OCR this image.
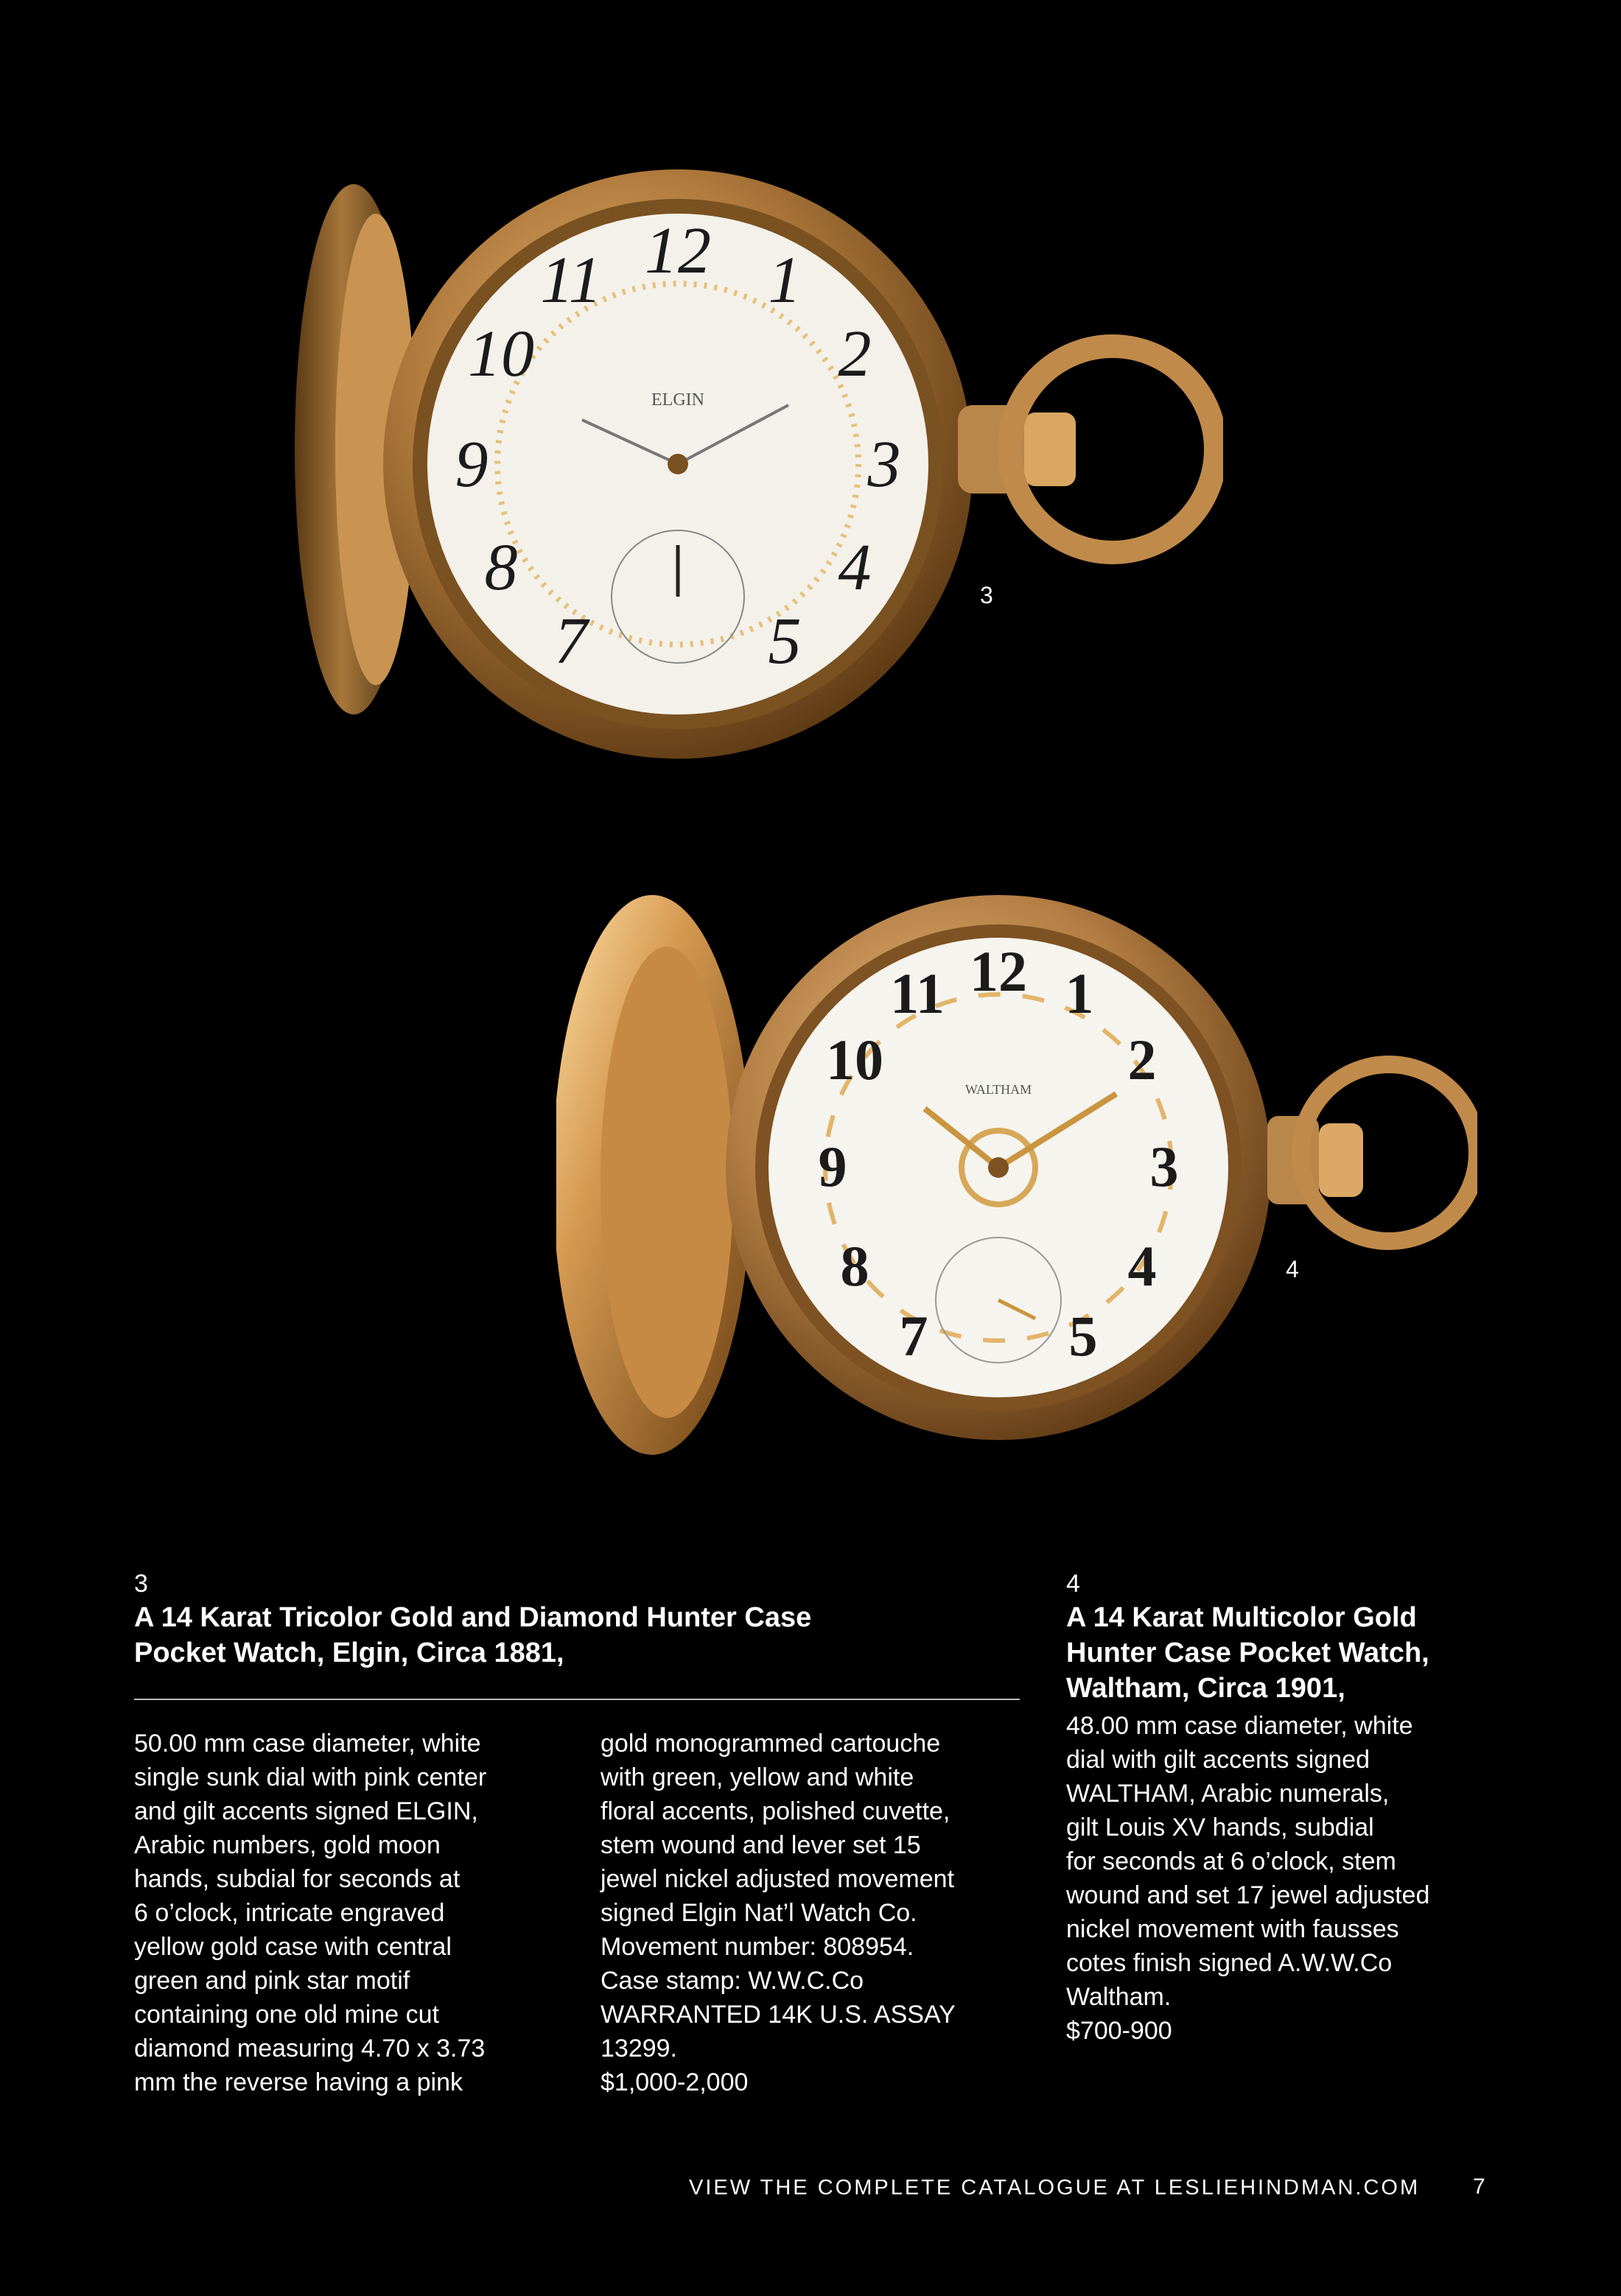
12 1
2
3
4
5
7
8
9
10
11
ELGIN
3
12 1
2
3
4
5
7
8
9
10
11
WALTHAM
4
3
A 14 Karat Tricolor Gold and Diamond Hunter Case
Pocket Watch, Elgin, Circa 1881,
50.00 mm case diameter, white
single sunk dial with pink center
and gilt accents signed ELGIN,
Arabic numbers, gold moon
hands, subdial for seconds at
6 o’clock, intricate engraved
yellow gold case with central
green and pink star motif
containing one old mine cut
diamond measuring 4.70 x 3.73
mm the reverse having a pink
gold monogrammed cartouche
with green, yellow and white
floral accents, polished cuvette,
stem wound and lever set 15
jewel nickel adjusted movement
signed Elgin Nat’l Watch Co.
Movement number: 808954.
Case stamp: W.W.C.Co
WARRANTED 14K U.S. ASSAY
13299.
$1,000-2,000
4
A 14 Karat Multicolor Gold
Hunter Case Pocket Watch,
Waltham, Circa 1901,
48.00 mm case diameter, white
dial with gilt accents signed
WALTHAM, Arabic numerals,
gilt Louis XV hands, subdial
for seconds at 6 o’clock, stem
wound and set 17 jewel adjusted
nickel movement with fausses
cotes finish signed A.W.W.Co
Waltham.
$700-900
VIEW THE COMPLETE CATALOGUE AT LESLIEHINDMAN.COM 7
